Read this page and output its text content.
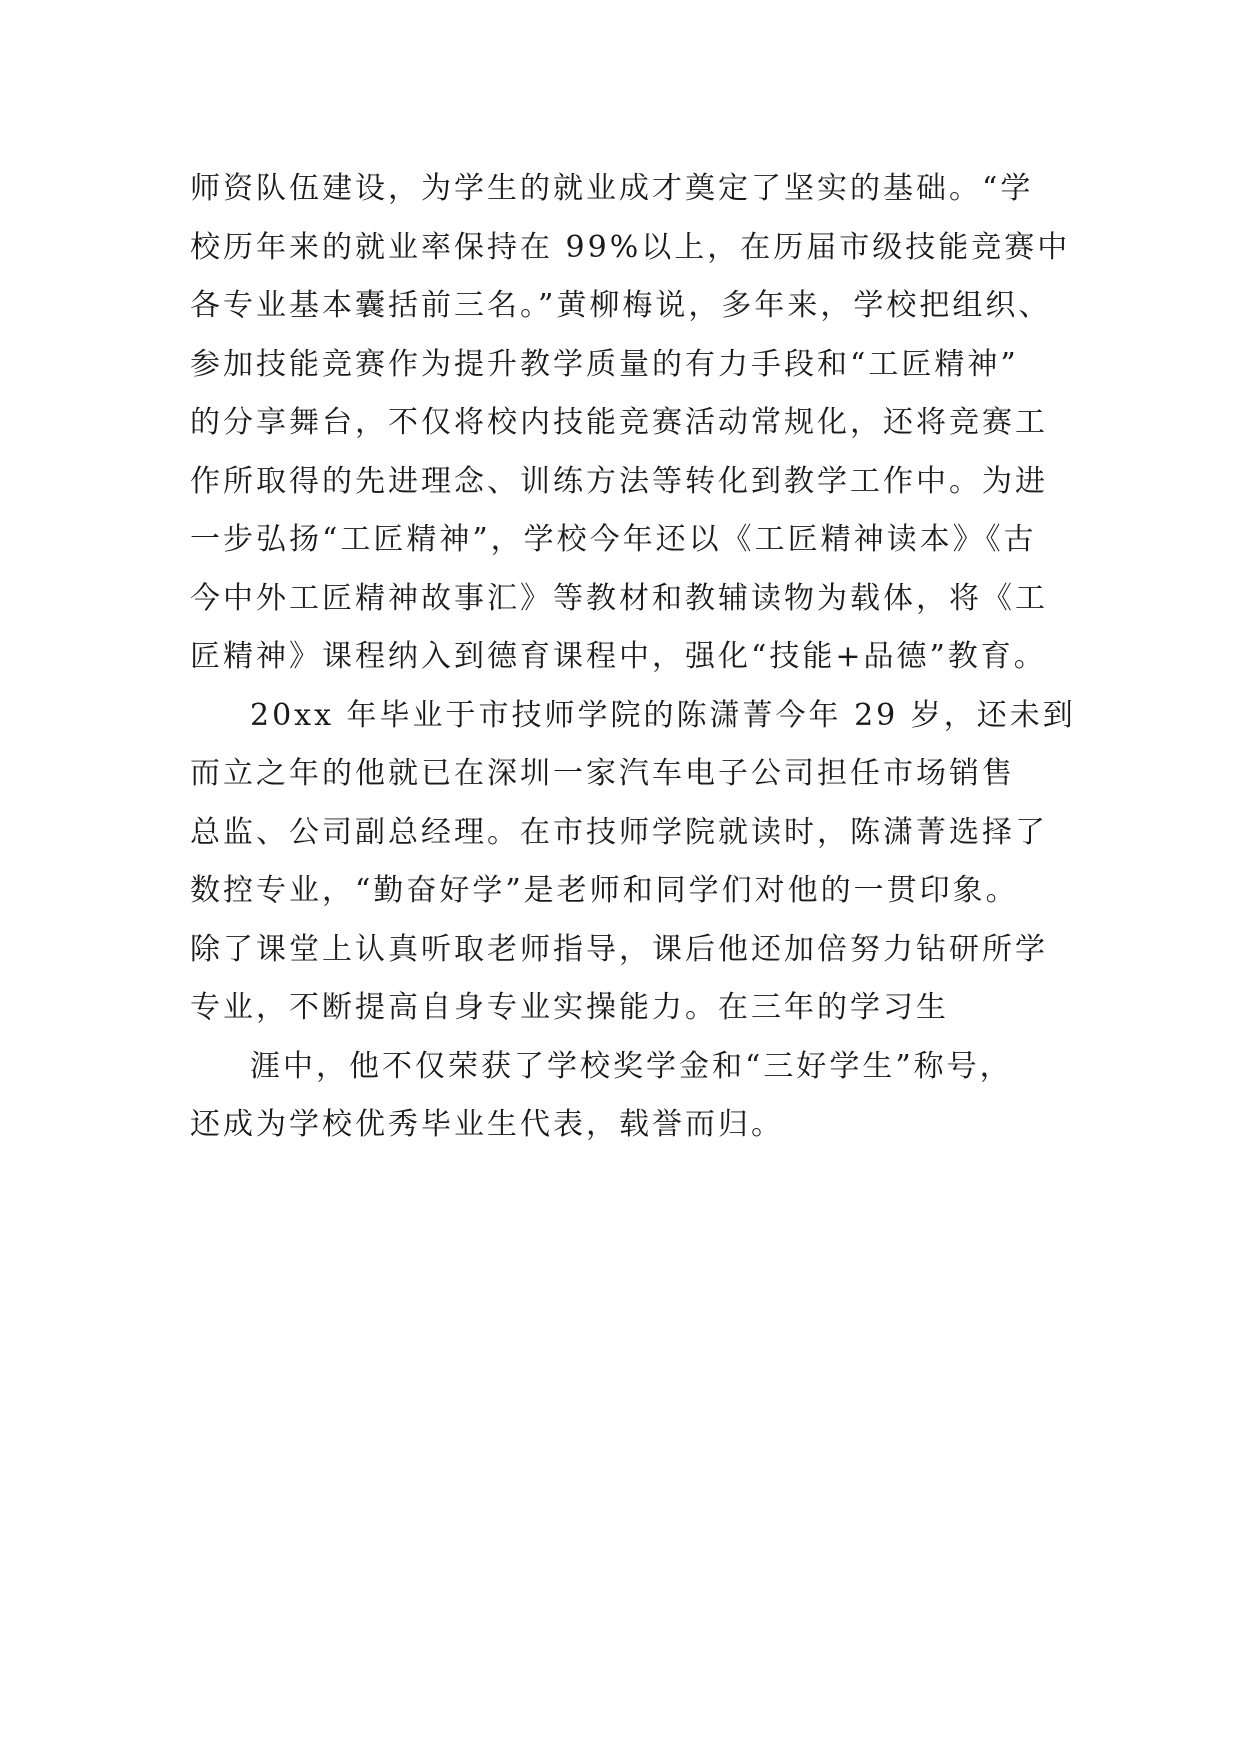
师资队伍建设，为学生的就业成才奠定了坚实的基础。“学
校历年来的就业率保持在 99%以上，在历届市级技能竞赛中
各专业基本囊括前三名。”黄柳梅说，多年来，学校把组织、
参加技能竞赛作为提升教学质量的有力手段和“工匠精神”
的分享舞台，不仅将校内技能竞赛活动常规化，还将竞赛工
作所取得的先进理念、训练方法等转化到教学工作中。为进
一步弘扬“工匠精神”，学校今年还以《工匠精神读本》《古
今中外工匠精神故事汇》等教材和教辅读物为载体，将《工
匠精神》课程纳入到德育课程中，强化“技能+品德”教育。
20xx 年毕业于市技师学院的陈潇菁今年 29 岁，还未到
而立之年的他就已在深圳一家汽车电子公司担任市场销售
总监、公司副总经理。在市技师学院就读时，陈潇菁选择了
数控专业，“勤奋好学”是老师和同学们对他的一贯印象。
除了课堂上认真听取老师指导，课后他还加倍努力钻研所学
专业，不断提高自身专业实操能力。在三年的学习生
涯中，他不仅荣获了学校奖学金和“三好学生”称号，
还成为学校优秀毕业生代表，载誉而归。
